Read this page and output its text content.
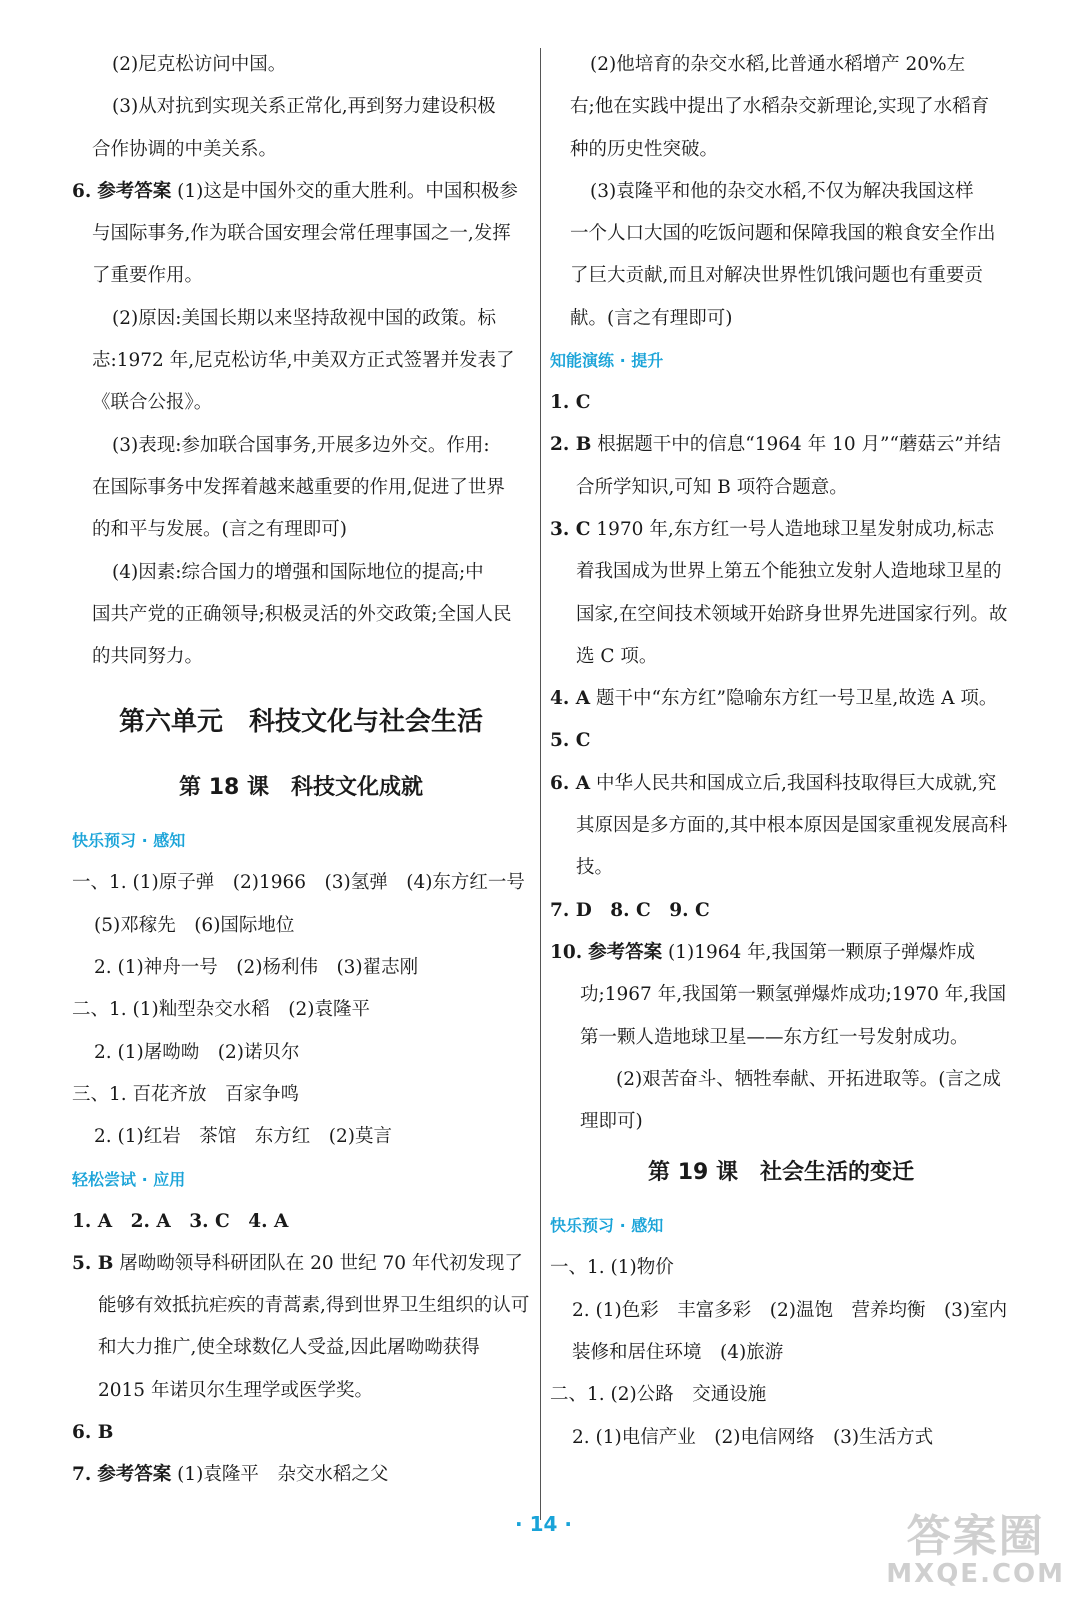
(2)尼克松访问中国。

(3)从对抗到实现关系正常化,再到努力建设积极

合作协调的中美关系。

6. 参考答案 (1)这是中国外交的重大胜利。中国积极参

与国际事务,作为联合国安理会常任理事国之一,发挥

了重要作用。

(2)原因:美国长期以来坚持敌视中国的政策。标

志:1972 年,尼克松访华,中美双方正式签署并发表了

《联合公报》。

(3)表现:参加联合国事务,开展多边外交。作用:

在国际事务中发挥着越来越重要的作用,促进了世界

的和平与发展。(言之有理即可)

(4)因素:综合国力的增强和国际地位的提高;中

国共产党的正确领导;积极灵活的外交政策;全国人民

的共同努力。

第六单元　科技文化与社会生活
第 18 课　科技文化成就

快乐预习 · 感知

一、1. (1)原子弹　(2)1966　(3)氢弹　(4)东方红一号

(5)邓稼先　(6)国际地位

2. (1)神舟一号　(2)杨利伟　(3)翟志刚

二、1. (1)籼型杂交水稻　(2)袁隆平

2. (1)屠呦呦　(2)诺贝尔

三、1. 百花齐放　百家争鸣

2. (1)红岩　茶馆　东方红　(2)莫言

轻松尝试 · 应用

1. A　2. A　3. C　4. A

5. B 屠呦呦领导科研团队在 20 世纪 70 年代初发现了能够有效抵抗疟疾的青蒿素,得到世界卫生组织的认可和大力推广,使全球数亿人受益,因此屠呦呦获得 2015 年诺贝尔生理学或医学奖。

6. B

7. 参考答案 (1)袁隆平　杂交水稻之父

(2)他培育的杂交水稻,比普通水稻增产 20%左

右;他在实践中提出了水稻杂交新理论,实现了水稻育

种的历史性突破。

(3)袁隆平和他的杂交水稻,不仅为解决我国这样

一个人口大国的吃饭问题和保障我国的粮食安全作出

了巨大贡献,而且对解决世界性饥饿问题也有重要贡

献。(言之有理即可)

知能演练 · 提升

1. C

2. B 根据题干中的信息“1964 年 10 月”“蘑菇云”并结合所学知识,可知 B 项符合题意。

3. C 1970 年,东方红一号人造地球卫星发射成功,标志着我国成为世界上第五个能独立发射人造地球卫星的国家,在空间技术领域开始跻身世界先进国家行列。故选 C 项。

4. A 题干中“东方红”隐喻东方红一号卫星,故选 A 项。

5. C

6. A 中华人民共和国成立后,我国科技取得巨大成就,究其原因是多方面的,其中根本原因是国家重视发展高科技。

7. D　8. C　9. C

10. 参考答案 (1)1964 年,我国第一颗原子弹爆炸成功;1967 年,我国第一颗氢弹爆炸成功;1970 年,我国第一颗人造地球卫星——东方红一号发射成功。

(2)艰苦奋斗、牺牲奉献、开拓进取等。(言之成理即可)

第 19 课　社会生活的变迁

快乐预习 · 感知

一、1. (1)物价

2. (1)色彩　丰富多彩　(2)温饱　营养均衡　(3)室内装修和居住环境　(4)旅游

二、1. (2)公路　交通设施

2. (1)电信产业　(2)电信网络　(3)生活方式

· 14 ·	答案圈
MXQE.COM
